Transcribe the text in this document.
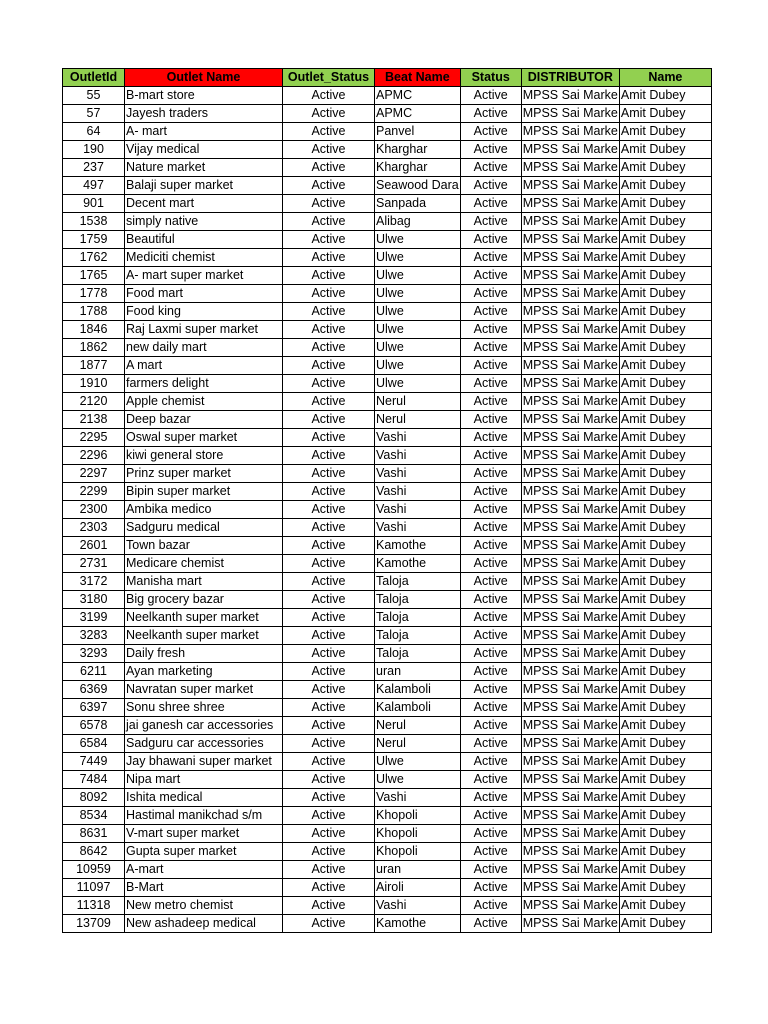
OutletId	Outlet Name	Outlet_Status	Beat Name	Status	DISTRIBUTOR	Name
55	B-mart store	Active	APMC	Active	MPSS Sai Marke	Amit Dubey
57	Jayesh traders	Active	APMC	Active	MPSS Sai Marke	Amit Dubey
64	A- mart	Active	Panvel	Active	MPSS Sai Marke	Amit Dubey
190	Vijay medical	Active	Kharghar	Active	MPSS Sai Marke	Amit Dubey
237	Nature market	Active	Kharghar	Active	MPSS Sai Marke	Amit Dubey
497	Balaji super market	Active	Seawood Dara	Active	MPSS Sai Marke	Amit Dubey
901	Decent mart	Active	Sanpada	Active	MPSS Sai Marke	Amit Dubey
1538	simply native	Active	Alibag	Active	MPSS Sai Marke	Amit Dubey
1759	Beautiful	Active	Ulwe	Active	MPSS Sai Marke	Amit Dubey
1762	Mediciti chemist	Active	Ulwe	Active	MPSS Sai Marke	Amit Dubey
1765	A- mart super market	Active	Ulwe	Active	MPSS Sai Marke	Amit Dubey
1778	Food mart	Active	Ulwe	Active	MPSS Sai Marke	Amit Dubey
1788	Food king	Active	Ulwe	Active	MPSS Sai Marke	Amit Dubey
1846	Raj Laxmi super market	Active	Ulwe	Active	MPSS Sai Marke	Amit Dubey
1862	new daily mart	Active	Ulwe	Active	MPSS Sai Marke	Amit Dubey
1877	A mart	Active	Ulwe	Active	MPSS Sai Marke	Amit Dubey
1910	farmers delight	Active	Ulwe	Active	MPSS Sai Marke	Amit Dubey
2120	Apple chemist	Active	Nerul	Active	MPSS Sai Marke	Amit Dubey
2138	Deep bazar	Active	Nerul	Active	MPSS Sai Marke	Amit Dubey
2295	Oswal super market	Active	Vashi	Active	MPSS Sai Marke	Amit Dubey
2296	kiwi general store	Active	Vashi	Active	MPSS Sai Marke	Amit Dubey
2297	Prinz super market	Active	Vashi	Active	MPSS Sai Marke	Amit Dubey
2299	Bipin super market	Active	Vashi	Active	MPSS Sai Marke	Amit Dubey
2300	Ambika medico	Active	Vashi	Active	MPSS Sai Marke	Amit Dubey
2303	Sadguru medical	Active	Vashi	Active	MPSS Sai Marke	Amit Dubey
2601	Town bazar	Active	Kamothe	Active	MPSS Sai Marke	Amit Dubey
2731	Medicare chemist	Active	Kamothe	Active	MPSS Sai Marke	Amit Dubey
3172	Manisha mart	Active	Taloja	Active	MPSS Sai Marke	Amit Dubey
3180	Big grocery bazar	Active	Taloja	Active	MPSS Sai Marke	Amit Dubey
3199	Neelkanth super market	Active	Taloja	Active	MPSS Sai Marke	Amit Dubey
3283	Neelkanth super market	Active	Taloja	Active	MPSS Sai Marke	Amit Dubey
3293	Daily fresh	Active	Taloja	Active	MPSS Sai Marke	Amit Dubey
6211	Ayan marketing	Active	uran	Active	MPSS Sai Marke	Amit Dubey
6369	Navratan super market	Active	Kalamboli	Active	MPSS Sai Marke	Amit Dubey
6397	Sonu shree shree	Active	Kalamboli	Active	MPSS Sai Marke	Amit Dubey
6578	jai ganesh car accessories	Active	Nerul	Active	MPSS Sai Marke	Amit Dubey
6584	Sadguru car accessories	Active	Nerul	Active	MPSS Sai Marke	Amit Dubey
7449	Jay bhawani super market	Active	Ulwe	Active	MPSS Sai Marke	Amit Dubey
7484	Nipa mart	Active	Ulwe	Active	MPSS Sai Marke	Amit Dubey
8092	Ishita medical	Active	Vashi	Active	MPSS Sai Marke	Amit Dubey
8534	Hastimal manikchad s/m	Active	Khopoli	Active	MPSS Sai Marke	Amit Dubey
8631	V-mart super market	Active	Khopoli	Active	MPSS Sai Marke	Amit Dubey
8642	Gupta super market	Active	Khopoli	Active	MPSS Sai Marke	Amit Dubey
10959	A-mart	Active	uran	Active	MPSS Sai Marke	Amit Dubey
11097	B-Mart	Active	Airoli	Active	MPSS Sai Marke	Amit Dubey
11318	New metro chemist	Active	Vashi	Active	MPSS Sai Marke	Amit Dubey
13709	New ashadeep medical	Active	Kamothe	Active	MPSS Sai Marke	Amit Dubey
